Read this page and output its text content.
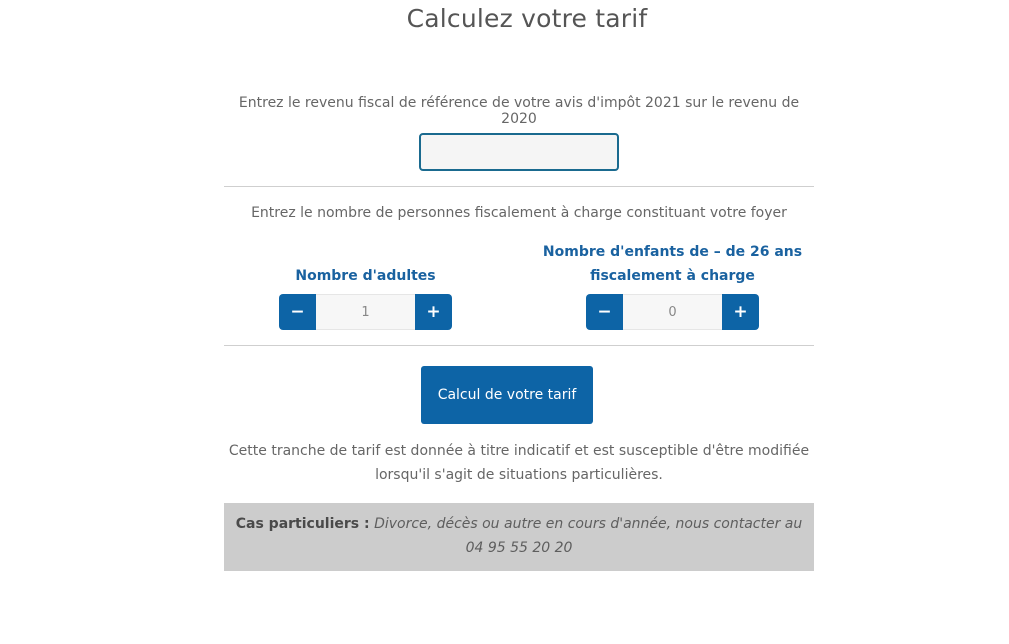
Calculez votre tarif
Entrez le revenu fiscal de référence de votre avis d'impôt 2021 sur le revenu de 2020
Entrez le nombre de personnes fiscalement à charge constituant votre foyer
Nombre d'adultes
−
1	+
Nombre d'enfants de – de 26 ans
fiscalement à charge
−
0	+
Calcul de votre tarif
Cette tranche de tarif est donnée à titre indicatif et est susceptible d'être modifiée
lorsqu'il s'agit de situations particulières.
Cas particuliers : Divorce, décès ou autre en cours d'année, nous contacter au 04 95 55 20 20
